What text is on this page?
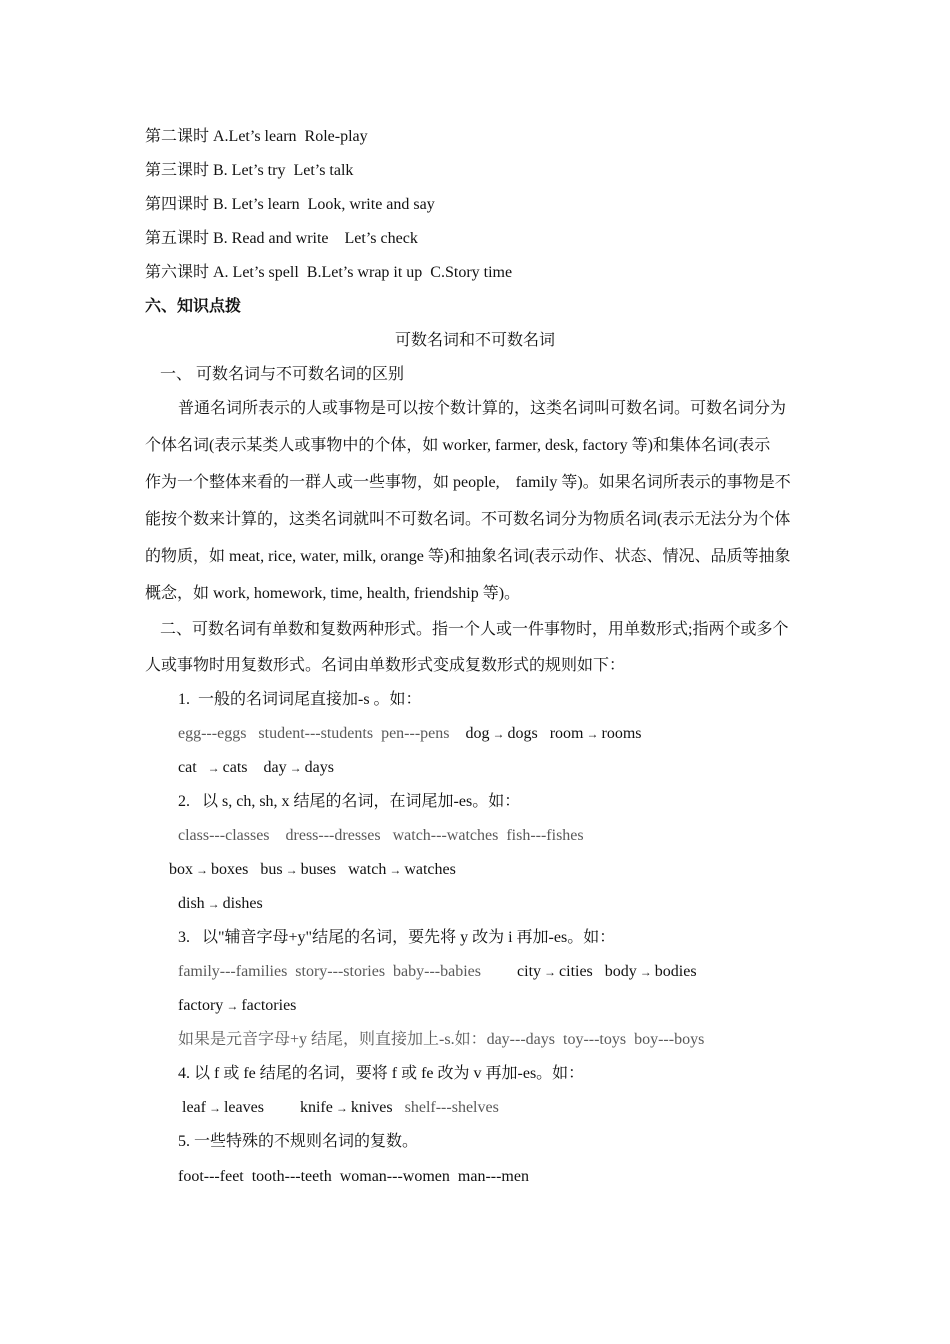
第二课时 A.Let’s learn  Role-play
第三课时 B. Let’s try  Let’s talk
第四课时 B. Let’s learn  Look, write and say
第五课时 B. Read and write    Let’s check
第六课时 A. Let’s spell  B.Let’s wrap it up  C.Story time
六、知识点拨
可数名词和不可数名词
一、 可数名词与不可数名词的区别
普通名词所表示的人或事物是可以按个数计算的，这类名词叫可数名词。可数名词分为
个体名词(表示某类人或事物中的个体，如 worker, farmer, desk, factory 等)和集体名词(表示
作为一个整体来看的一群人或一些事物，如 people,    family 等)。如果名词所表示的事物是不
能按个数来计算的，这类名词就叫不可数名词。不可数名词分为物质名词(表示无法分为个体
的物质，如 meat, rice, water, milk, orange 等)和抽象名词(表示动作、状态、情况、品质等抽象
概念，如 work, homework, time, health, friendship 等)。
二、可数名词有单数和复数两种形式。指一个人或一件事物时，用单数形式;指两个或多个
人或事物时用复数形式。名词由单数形式变成复数形式的规则如下：
1.  一般的名词词尾直接加-s 。如：
egg---eggs   student---students  pen---pens dog → dogs room → rooms
cat → cats day → days
2.   以 s, ch, sh, x 结尾的名词，在词尾加-es。如：
class---classes    dress---dresses   watch---watches  fish---fishes
box → boxes bus → buses watch → watches
dish → dishes
3.   以"辅音字母+y"结尾的名词，要先将 y 改为 i 再加-es。如：
family---families  story---stories  baby---babies city → cities body → bodies
factory → factories
如果是元音字母+y 结尾，则直接加上-s.如：day---days  toy---toys  boy---boys
4. 以 f 或 fe 结尾的名词，要将 f 或 fe 改为 v 再加-es。如：
leaf → leaves knife → knives shelf---shelves
5. 一些特殊的不规则名词的复数。
foot---feet  tooth---teeth  woman---women  man---men
